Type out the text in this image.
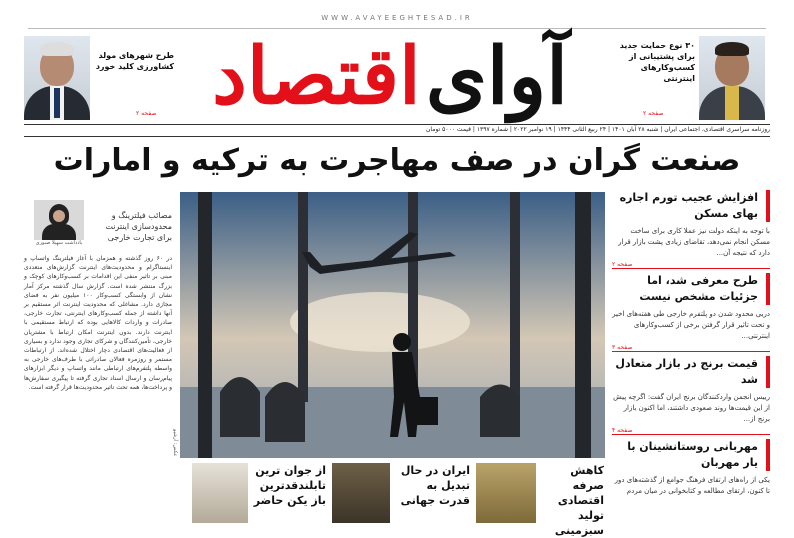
WWW.AVAYEEGHTESAD.IR
آوای اقتصاد
طرح شهرهای مولد کشاورزی کلید خورد
صفحه ۲
۳۰ نوع حمایت جدید برای پشتیبانی از کسب‌وکارهای اینترنتی
صفحه ۲
روزنامه سراسری اقتصادی، اجتماعی ایران | شنبه ۲۸ آبان ۱۴۰۱ | ۲۴ ربیع الثانی ۱۴۴۴ | ۱۹ نوامبر ۲۰۲۲ | شماره ۱۳۹۷ | قیمت ۵۰۰۰ تومان
صنعت گران در صف مهاجرت به ترکیه و امارات
عکس: آرشیو
افزایش عجیب تورم اجاره بهای مسکن
با توجه به اینکه دولت نیز عملا کاری برای ساخت مسکن انجام نمی‌دهد، تقاضای زیادی پشت بازار قرار دارد که نتیجه آن...
صفحه ۲
طرح معرفی شد، اما جزئیات مشخص نیست
دریی محدود شدن دو پلتفرم خارجی طی هفته‌های اخیر و تحت تاثیر قرار گرفتن برخی از کسب‌وکارهای اینترنتی...
صفحه ۳
قیمت برنج در بازار متعادل شد
رییس انجمن واردکنندگان برنج ایران گفت: اگرچه پیش از این قیمت‌ها روند صعودی داشتند، اما اکنون بازار برنج از...
صفحه ۴
مهربانی روستانشینان با یار مهربان
یکی از راه‌های ارتقای فرهنگ جوامع از گذشته‌های دور تا کنون، ارتقای مطالعه و کتابخوانی در میان مردم
یادداشت سهیلا صبوری
مصائب فیلترینگ و محدودسازی اینترنت برای تجارت خارجی
در ۶۰ روز گذشته و همزمان با آغاز فیلترینگ واتساپ و اینستاگرام و محدودیت‌های اینترنت گزارش‌های متعددی مبنی بر تاثیر منفی این اقدامات بر کسب‌وکارهای کوچک و بزرگ منتشر شده است. گزارش سال گذشته مرکز آمار نشان از وابستگی کسب‌وکار ۱۰۰ میلیون نفر به فضای مجازی دارد. مشاغلی که محدودیت اینترنت اثر مستقیم بر آنها داشته از جمله کسب‌وکارهای اینترنتی، تجارت خارجی، صادرات و واردات کالاهایی بوده که ارتباط مستقیمی با اینترنت دارند. بدون اینترنت امکان ارتباط با مشتریان خارجی، تأمین‌کنندگان و شرکای تجاری وجود ندارد و بسیاری از فعالیت‌های اقتصادی دچار اختلال شده‌اند. از ارتباطات مستمر و روزمره فعالان صادراتی با طرف‌های خارجی به واسطه پلتفرم‌های ارتباطی مانند واتساپ و دیگر ابزارهای پیام‌رسان و ارسال اسناد تجاری گرفته تا پیگیری سفارش‌ها و پرداخت‌ها، همه تحت تاثیر محدودیت‌ها قرار گرفته است.
کاهش صرفه اقتصادی تولید سبزمینی
ایران در حال تبدیل به قدرت جهانی
از جوان ترین تابلندقدترین باز یکن حاضر
